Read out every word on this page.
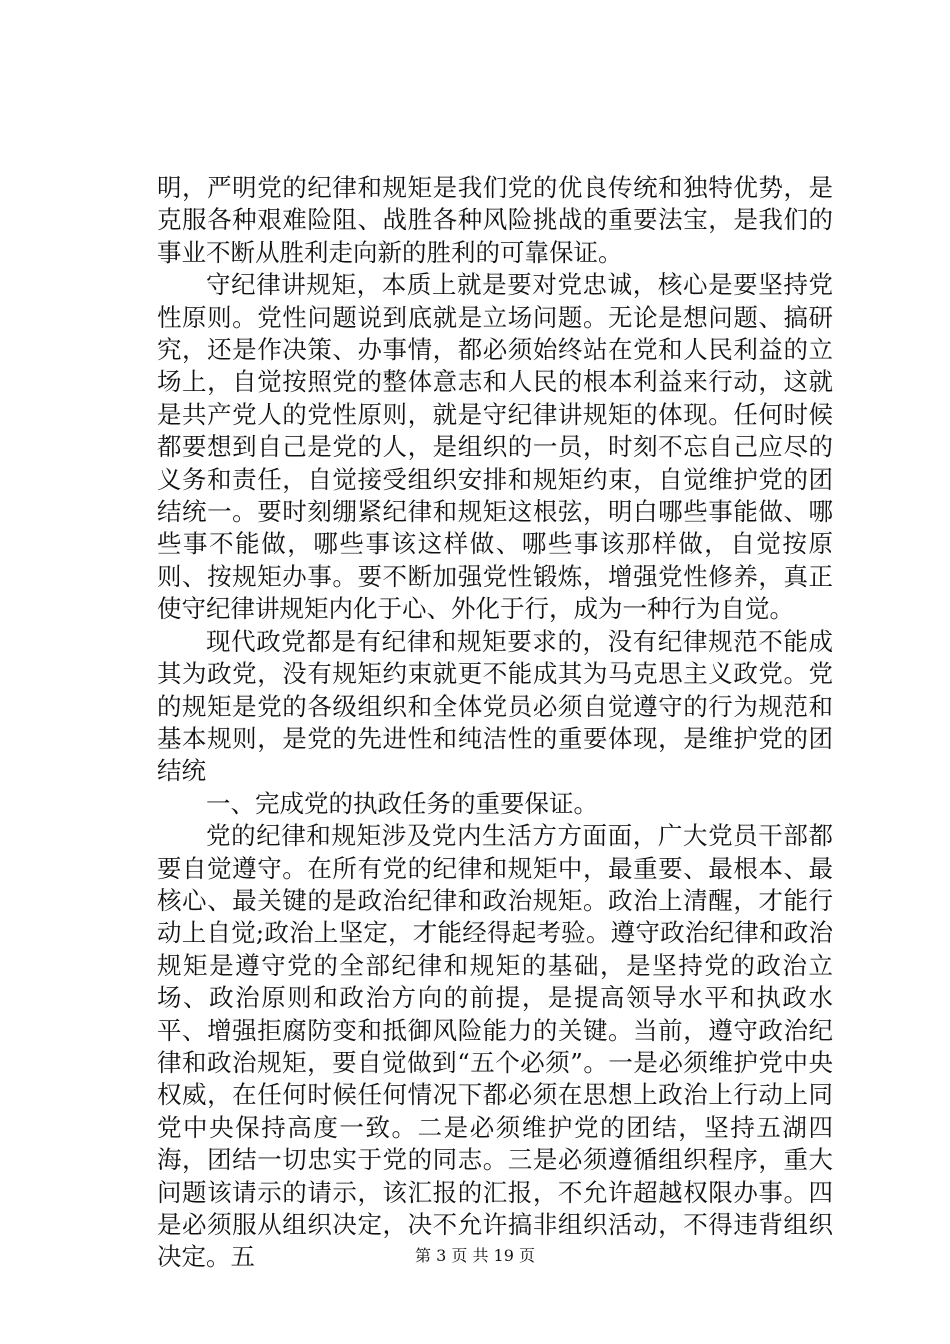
明，严明党的纪律和规矩是我们党的优良传统和独特优势，是克服各种艰难险阻、战胜各种风险挑战的重要法宝，是我们的事业不断从胜利走向新的胜利的可靠保证。

守纪律讲规矩，本质上就是要对党忠诚，核心是要坚持党性原则。党性问题说到底就是立场问题。无论是想问题、搞研究，还是作决策、办事情，都必须始终站在党和人民利益的立场上，自觉按照党的整体意志和人民的根本利益来行动，这就是共产党人的党性原则，就是守纪律讲规矩的体现。任何时候都要想到自己是党的人，是组织的一员，时刻不忘自己应尽的义务和责任，自觉接受组织安排和规矩约束，自觉维护党的团结统一。要时刻绷紧纪律和规矩这根弦，明白哪些事能做、哪些事不能做，哪些事该这样做、哪些事该那样做，自觉按原则、按规矩办事。要不断加强党性锻炼，增强党性修养，真正使守纪律讲规矩内化于心、外化于行，成为一种行为自觉。

现代政党都是有纪律和规矩要求的，没有纪律规范不能成其为政党，没有规矩约束就更不能成其为马克思主义政党。党的规矩是党的各级组织和全体党员必须自觉遵守的行为规范和基本规则，是党的先进性和纯洁性的重要体现，是维护党的团结统

一、完成党的执政任务的重要保证。

党的纪律和规矩涉及党内生活方方面面，广大党员干部都要自觉遵守。在所有党的纪律和规矩中，最重要、最根本、最核心、最关键的是政治纪律和政治规矩。政治上清醒，才能行动上自觉;政治上坚定，才能经得起考验。遵守政治纪律和政治规矩是遵守党的全部纪律和规矩的基础，是坚持党的政治立场、政治原则和政治方向的前提，是提高领导水平和执政水平、增强拒腐防变和抵御风险能力的关键。当前，遵守政治纪律和政治规矩，要自觉做到“五个必须”。一是必须维护党中央权威，在任何时候任何情况下都必须在思想上政治上行动上同党中央保持高度一致。二是必须维护党的团结，坚持五湖四海，团结一切忠实于党的同志。三是必须遵循组织程序，重大问题该请示的请示，该汇报的汇报，不允许超越权限办事。四是必须服从组织决定，决不允许搞非组织活动，不得违背组织决定。五	第 3 页 共 19 页
